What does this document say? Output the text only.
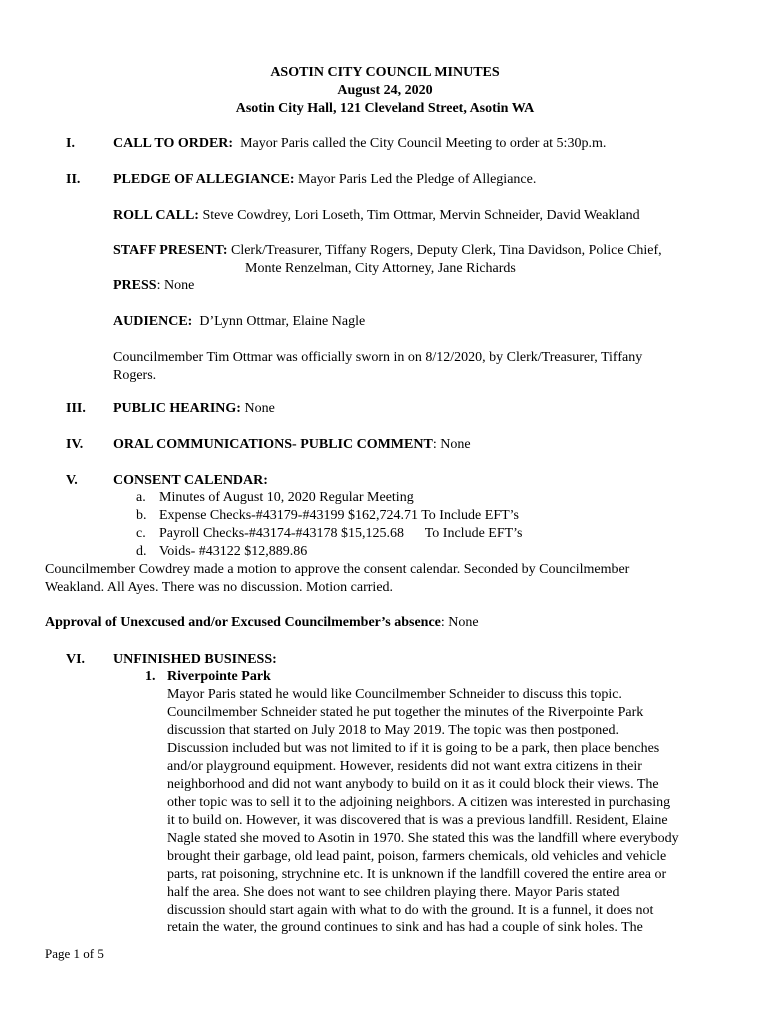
ASOTIN CITY COUNCIL MINUTES
August 24, 2020
Asotin City Hall, 121 Cleveland Street, Asotin WA
I.	CALL TO ORDER: Mayor Paris called the City Council Meeting to order at 5:30p.m.
II. PLEDGE OF ALLEGIANCE: Mayor Paris Led the Pledge of Allegiance.
ROLL CALL: Steve Cowdrey, Lori Loseth, Tim Ottmar, Mervin Schneider, David Weakland
STAFF PRESENT: Clerk/Treasurer, Tiffany Rogers, Deputy Clerk, Tina Davidson, Police Chief,
Monte Renzelman, City Attorney, Jane Richards
PRESS: None
AUDIENCE: D’Lynn Ottmar, Elaine Nagle
Councilmember Tim Ottmar was officially sworn in on 8/12/2020, by Clerk/Treasurer, Tiffany
Rogers.
III. PUBLIC HEARING: None
IV. ORAL COMMUNICATIONS- PUBLIC COMMENT: None
V.	CONSENT CALENDAR:
a. Minutes of August 10, 2020 Regular Meeting
b. Expense Checks-#43179-#43199 $162,724.71 To Include EFT’s
c. Payroll Checks-#43174-#43178 $15,125.68      To Include EFT’s
d. Voids- #43122 $12,889.86
Councilmember Cowdrey made a motion to approve the consent calendar. Seconded by Councilmember
Weakland. All Ayes. There was no discussion. Motion carried.
Approval of Unexcused and/or Excused Councilmember’s absence: None
VI. UNFINISHED BUSINESS:
1. Riverpointe Park
Mayor Paris stated he would like Councilmember Schneider to discuss this topic.
Councilmember Schneider stated he put together the minutes of the Riverpointe Park
discussion that started on July 2018 to May 2019. The topic was then postponed.
Discussion included but was not limited to if it is going to be a park, then place benches
and/or playground equipment. However, residents did not want extra citizens in their
neighborhood and did not want anybody to build on it as it could block their views. The
other topic was to sell it to the adjoining neighbors. A citizen was interested in purchasing
it to build on. However, it was discovered that is was a previous landfill. Resident, Elaine
Nagle stated she moved to Asotin in 1970. She stated this was the landfill where everybody
brought their garbage, old lead paint, poison, farmers chemicals, old vehicles and vehicle
parts, rat poisoning, strychnine etc. It is unknown if the landfill covered the entire area or
half the area. She does not want to see children playing there. Mayor Paris stated
discussion should start again with what to do with the ground. It is a funnel, it does not
retain the water, the ground continues to sink and has had a couple of sink holes. The
Page 1 of 5
